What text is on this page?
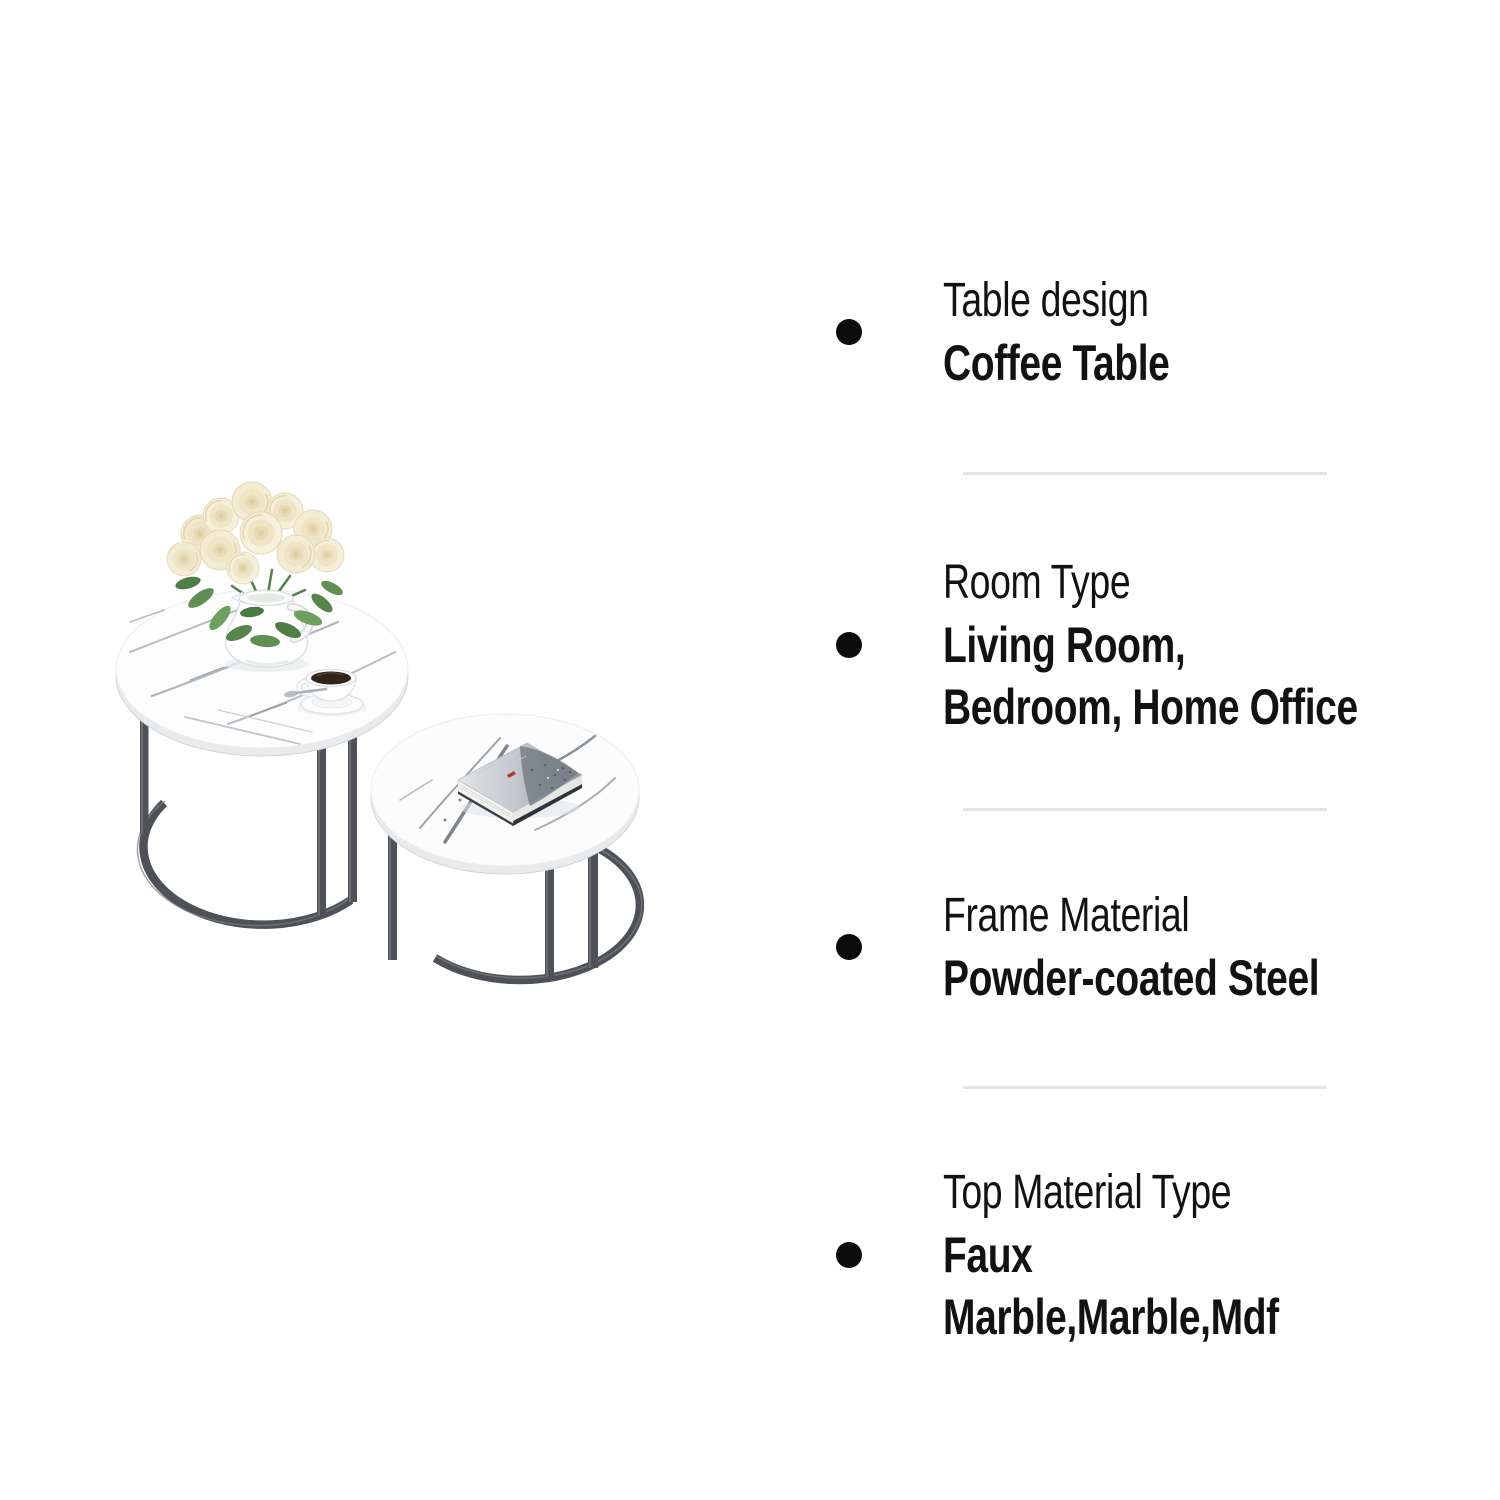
Table design
Coffee Table
Room Type
Living Room,
Bedroom, Home Office
Frame Material
Powder-coated Steel
Top Material Type
Faux
Marble,Marble,Mdf
